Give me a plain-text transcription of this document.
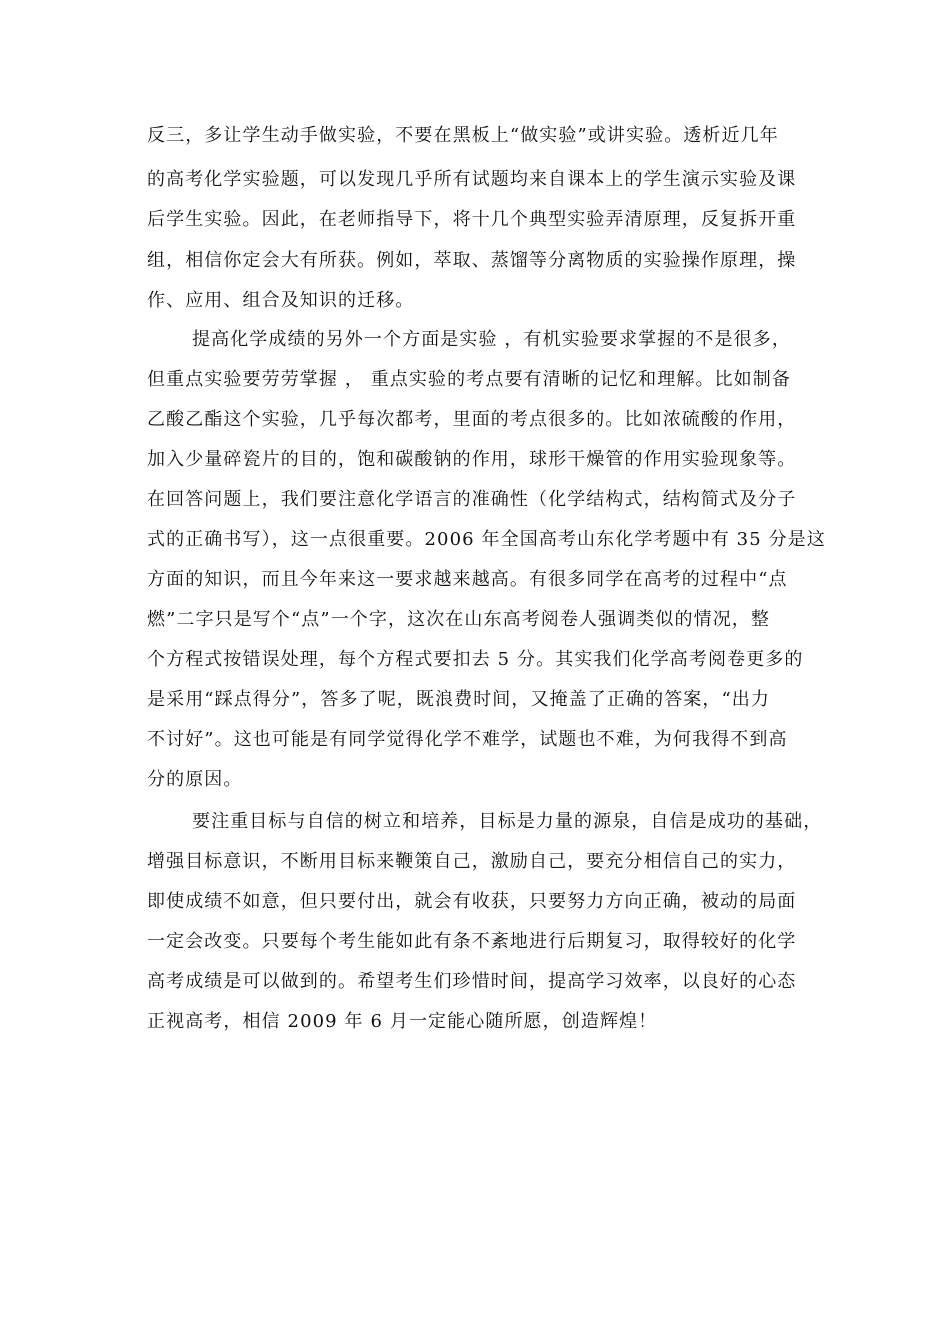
反三，多让学生动手做实验，不要在黑板上“做实验”或讲实验。透析近几年
的高考化学实验题，可以发现几乎所有试题均来自课本上的学生演示实验及课
后学生实验。因此，在老师指导下，将十几个典型实验弄清原理，反复拆开重
组，相信你定会大有所获。例如，萃取、蒸馏等分离物质的实验操作原理，操
作、应用、组合及知识的迁移。
提高化学成绩的另外一个方面是实验 ，有机实验要求掌握的不是很多，
但重点实验要劳劳掌握 ， 重点实验的考点要有清晰的记忆和理解。比如制备
乙酸乙酯这个实验，几乎每次都考，里面的考点很多的。比如浓硫酸的作用，
加入少量碎瓷片的目的，饱和碳酸钠的作用，球形干燥管的作用实验现象等。
在回答问题上，我们要注意化学语言的准确性（化学结构式，结构简式及分子
式的正确书写），这一点很重要。2006 年全国高考山东化学考题中有 35 分是这
方面的知识，而且今年来这一要求越来越高。有很多同学在高考的过程中“点
燃”二字只是写个“点”一个字，这次在山东高考阅卷人强调类似的情况，整
个方程式按错误处理，每个方程式要扣去 5 分。其实我们化学高考阅卷更多的
是采用“踩点得分”，答多了呢，既浪费时间，又掩盖了正确的答案，“出力
不讨好”。这也可能是有同学觉得化学不难学，试题也不难，为何我得不到高
分的原因。
要注重目标与自信的树立和培养，目标是力量的源泉，自信是成功的基础，
增强目标意识，不断用目标来鞭策自己，激励自己，要充分相信自己的实力，
即使成绩不如意，但只要付出，就会有收获，只要努力方向正确，被动的局面
一定会改变。只要每个考生能如此有条不紊地进行后期复习，取得较好的化学
高考成绩是可以做到的。希望考生们珍惜时间，提高学习效率，以良好的心态
正视高考，相信 2009 年 6 月一定能心随所愿，创造辉煌！
